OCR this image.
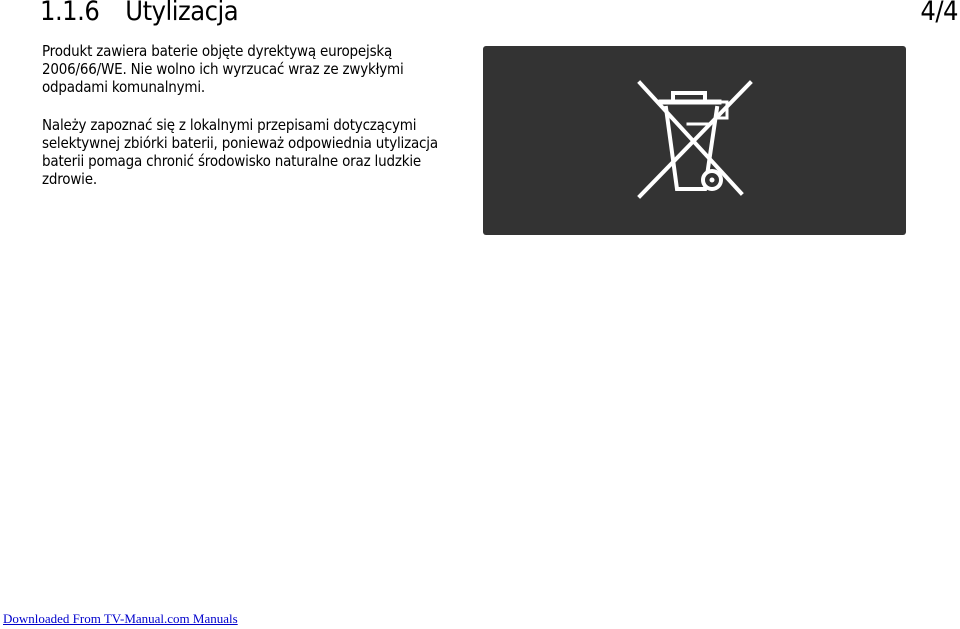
1.1.6 Utylizacja	4/4

Produkt zawiera baterie objęte dyrektywą europejską 2006/66/WE. Nie wolno ich wyrzucać wraz ze zwykłymi odpadami komunalnymi.

Należy zapoznać się z lokalnymi przepisami dotyczącymi selektywnej zbiórki baterii, ponieważ odpowiednia utylizacja baterii pomaga chronić środowisko naturalne oraz ludzkie zdrowie.

Downloaded From TV-Manual.com Manuals
